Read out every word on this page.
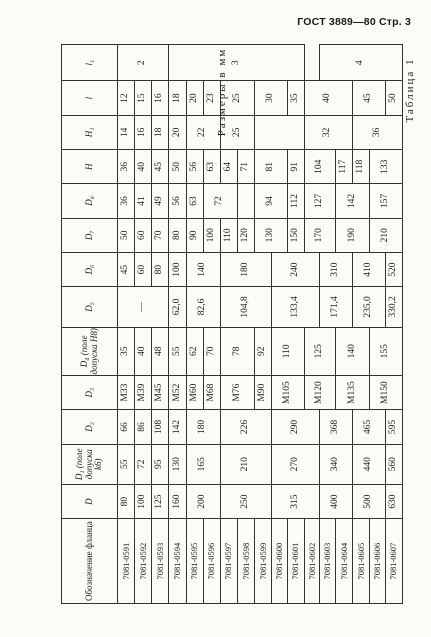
ГОСТ 3889—80 Стр. 3
Таблица 1
Размеры в мм
Обозначение фланца	D	D₁ (поле допуска k6)	D₂	D₃	D₄ (поле допуска H8)	D₅	D₆	D₇	D₈	H	H₁	l	l₁
7081-0591	80	55	66	M33	35	—	45	50	36	36	14	12	2
7081-0592	100	72	86	M39	40		60	60	41	40	16	15	
7081-0593	125	95	108	M45	48		80	70	49	45	18	16	
7081-0594	160	130	142	M52	55	62,0	100	80	56	50	20	18	3
7081-0595	200	165	180	M60	62	82,6	140	90	63	56	22	20	
7081-0596				M68	70			100	72	63		23	
7081-0597	250	210	226	M76	78	104,8	180	110		64	25	25	
7081-0598								120		71			
7081-0599				M90	92			130	94	81		30	
7081-0600	315	270	290	M105	110	133,4	240						
7081-0601								150	112	91		35	
7081-0602				M120	125			170	127	104	32	40	
7081-0603	400	340	368			171,4	310						4
7081-0604				M135	140			190	142	117			
7081-0605	500	440	465			235,0	410			118	36	45	
7081-0606				M150	155			210	157	133			
7081-0607	630	560	595			330,2	520					50	
